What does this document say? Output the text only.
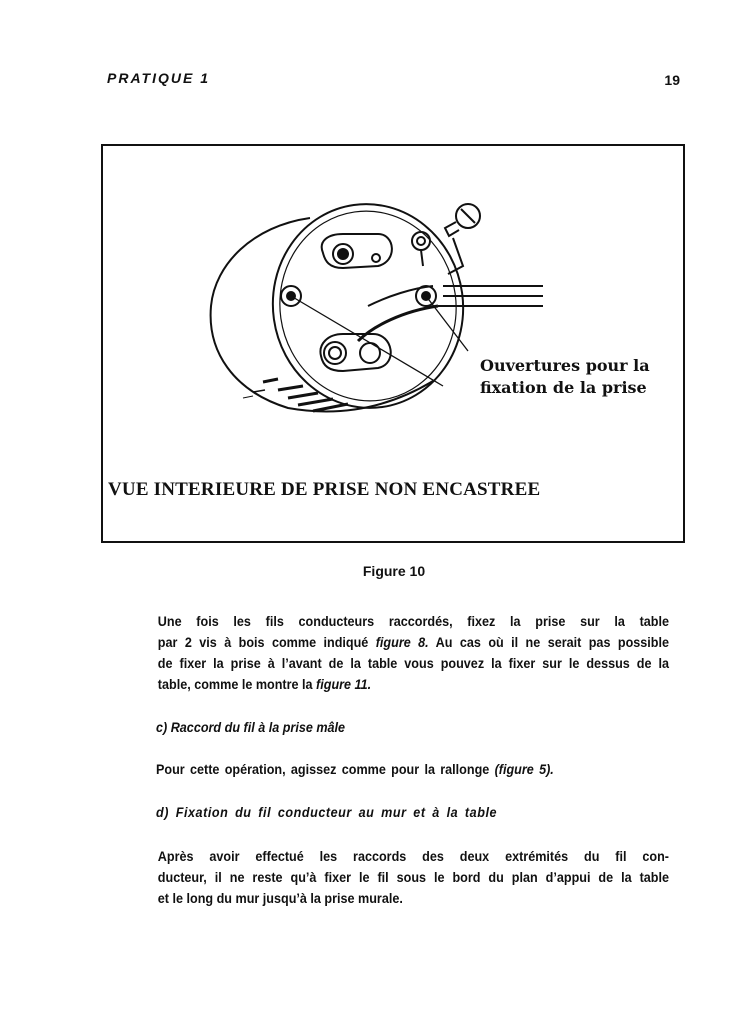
PRATIQUE 1	19
Ouvertures pour la
fixation de la prise
VUE INTERIEURE DE PRISE NON ENCASTREE
Figure 10
Une fois les fils conducteurs raccordés, fixez la prise sur la table
par 2 vis à bois comme indiqué figure 8. Au cas où il ne serait pas possible
de fixer la prise à l’avant de la table vous pouvez la fixer sur le dessus de la
table, comme le montre la figure 11.
c) Raccord du fil à la prise mâle
Pour cette opération, agissez comme pour la rallonge (figure 5).
d) Fixation du fil conducteur au mur et à la table
Après avoir effectué les raccords des deux extrémités du fil con-
ducteur, il ne reste qu’à fixer le fil sous le bord du plan d’appui de la table
et le long du mur jusqu’à la prise murale.
